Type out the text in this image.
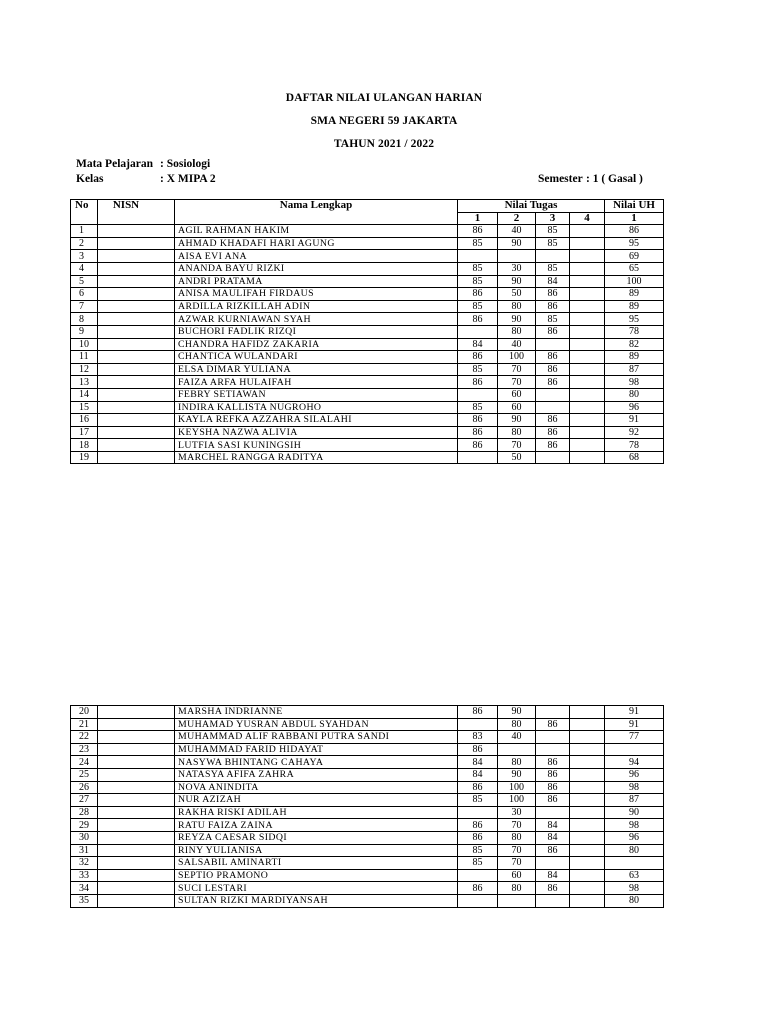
DAFTAR NILAI ULANGAN HARIAN
SMA NEGERI 59 JAKARTA
TAHUN 2021 / 2022
Mata Pelajaran : Sosiologi
Kelas	: X MIPA 2	Semester : 1 ( Gasal )
No	NISN	Nama Lengkap	Nilai Tugas				Nilai UH
			1	2	3	4	1
1		AGIL RAHMAN HAKIM	86	40	85		86
2		AHMAD KHADAFI HARI AGUNG	85	90	85		95
3		AISA EVI ANA					69
4		ANANDA BAYU RIZKI	85	30	85		65
5		ANDRI PRATAMA	85	90	84		100
6		ANISA MAULIFAH FIRDAUS	86	50	86		89
7		ARDILLA RIZKILLAH ADIN	85	80	86		89
8		AZWAR KURNIAWAN SYAH	86	90	85		95
9		BUCHORI FADLIK RIZQI		80	86		78
10		CHANDRA HAFIDZ ZAKARIA	84	40			82
11		CHANTICA WULANDARI	86	100	86		89
12		ELSA DIMAR YULIANA	85	70	86		87
13		FAIZA ARFA HULAIFAH	86	70	86		98
14		FEBRY SETIAWAN		60			80
15		INDIRA KALLISTA NUGROHO	85	60			96
16		KAYLA REFKA AZZAHRA SILALAHI	86	90	86		91
17		KEYSHA NAZWA ALIVIA	86	80	86		92
18		LUTFIA SASI KUNINGSIH	86	70	86		78
19		MARCHEL RANGGA RADITYA		50			68
20		MARSHA INDRIANNE	86	90			91
21		MUHAMAD YUSRAN ABDUL SYAHDAN		80	86		91
22		MUHAMMAD ALIF RABBANI PUTRA SANDI	83	40			77
23		MUHAMMAD FARID HIDAYAT	86				
24		NASYWA BHINTANG CAHAYA	84	80	86		94
25		NATASYA AFIFA ZAHRA	84	90	86		96
26		NOVA ANINDITA	86	100	86		98
27		NUR AZIZAH	85	100	86		87
28		RAKHA RISKI ADILAH		30			90
29		RATU FAIZA ZAINA	86	70	84		98
30		REYZA CAESAR SIDQI	86	80	84		96
31		RINY YULIANISA	85	70	86		80
32		SALSABIL AMINARTI	85	70			
33		SEPTIO PRAMONO		60	84		63
34		SUCI LESTARI	86	80	86		98
35		SULTAN RIZKI MARDIYANSAH					80
